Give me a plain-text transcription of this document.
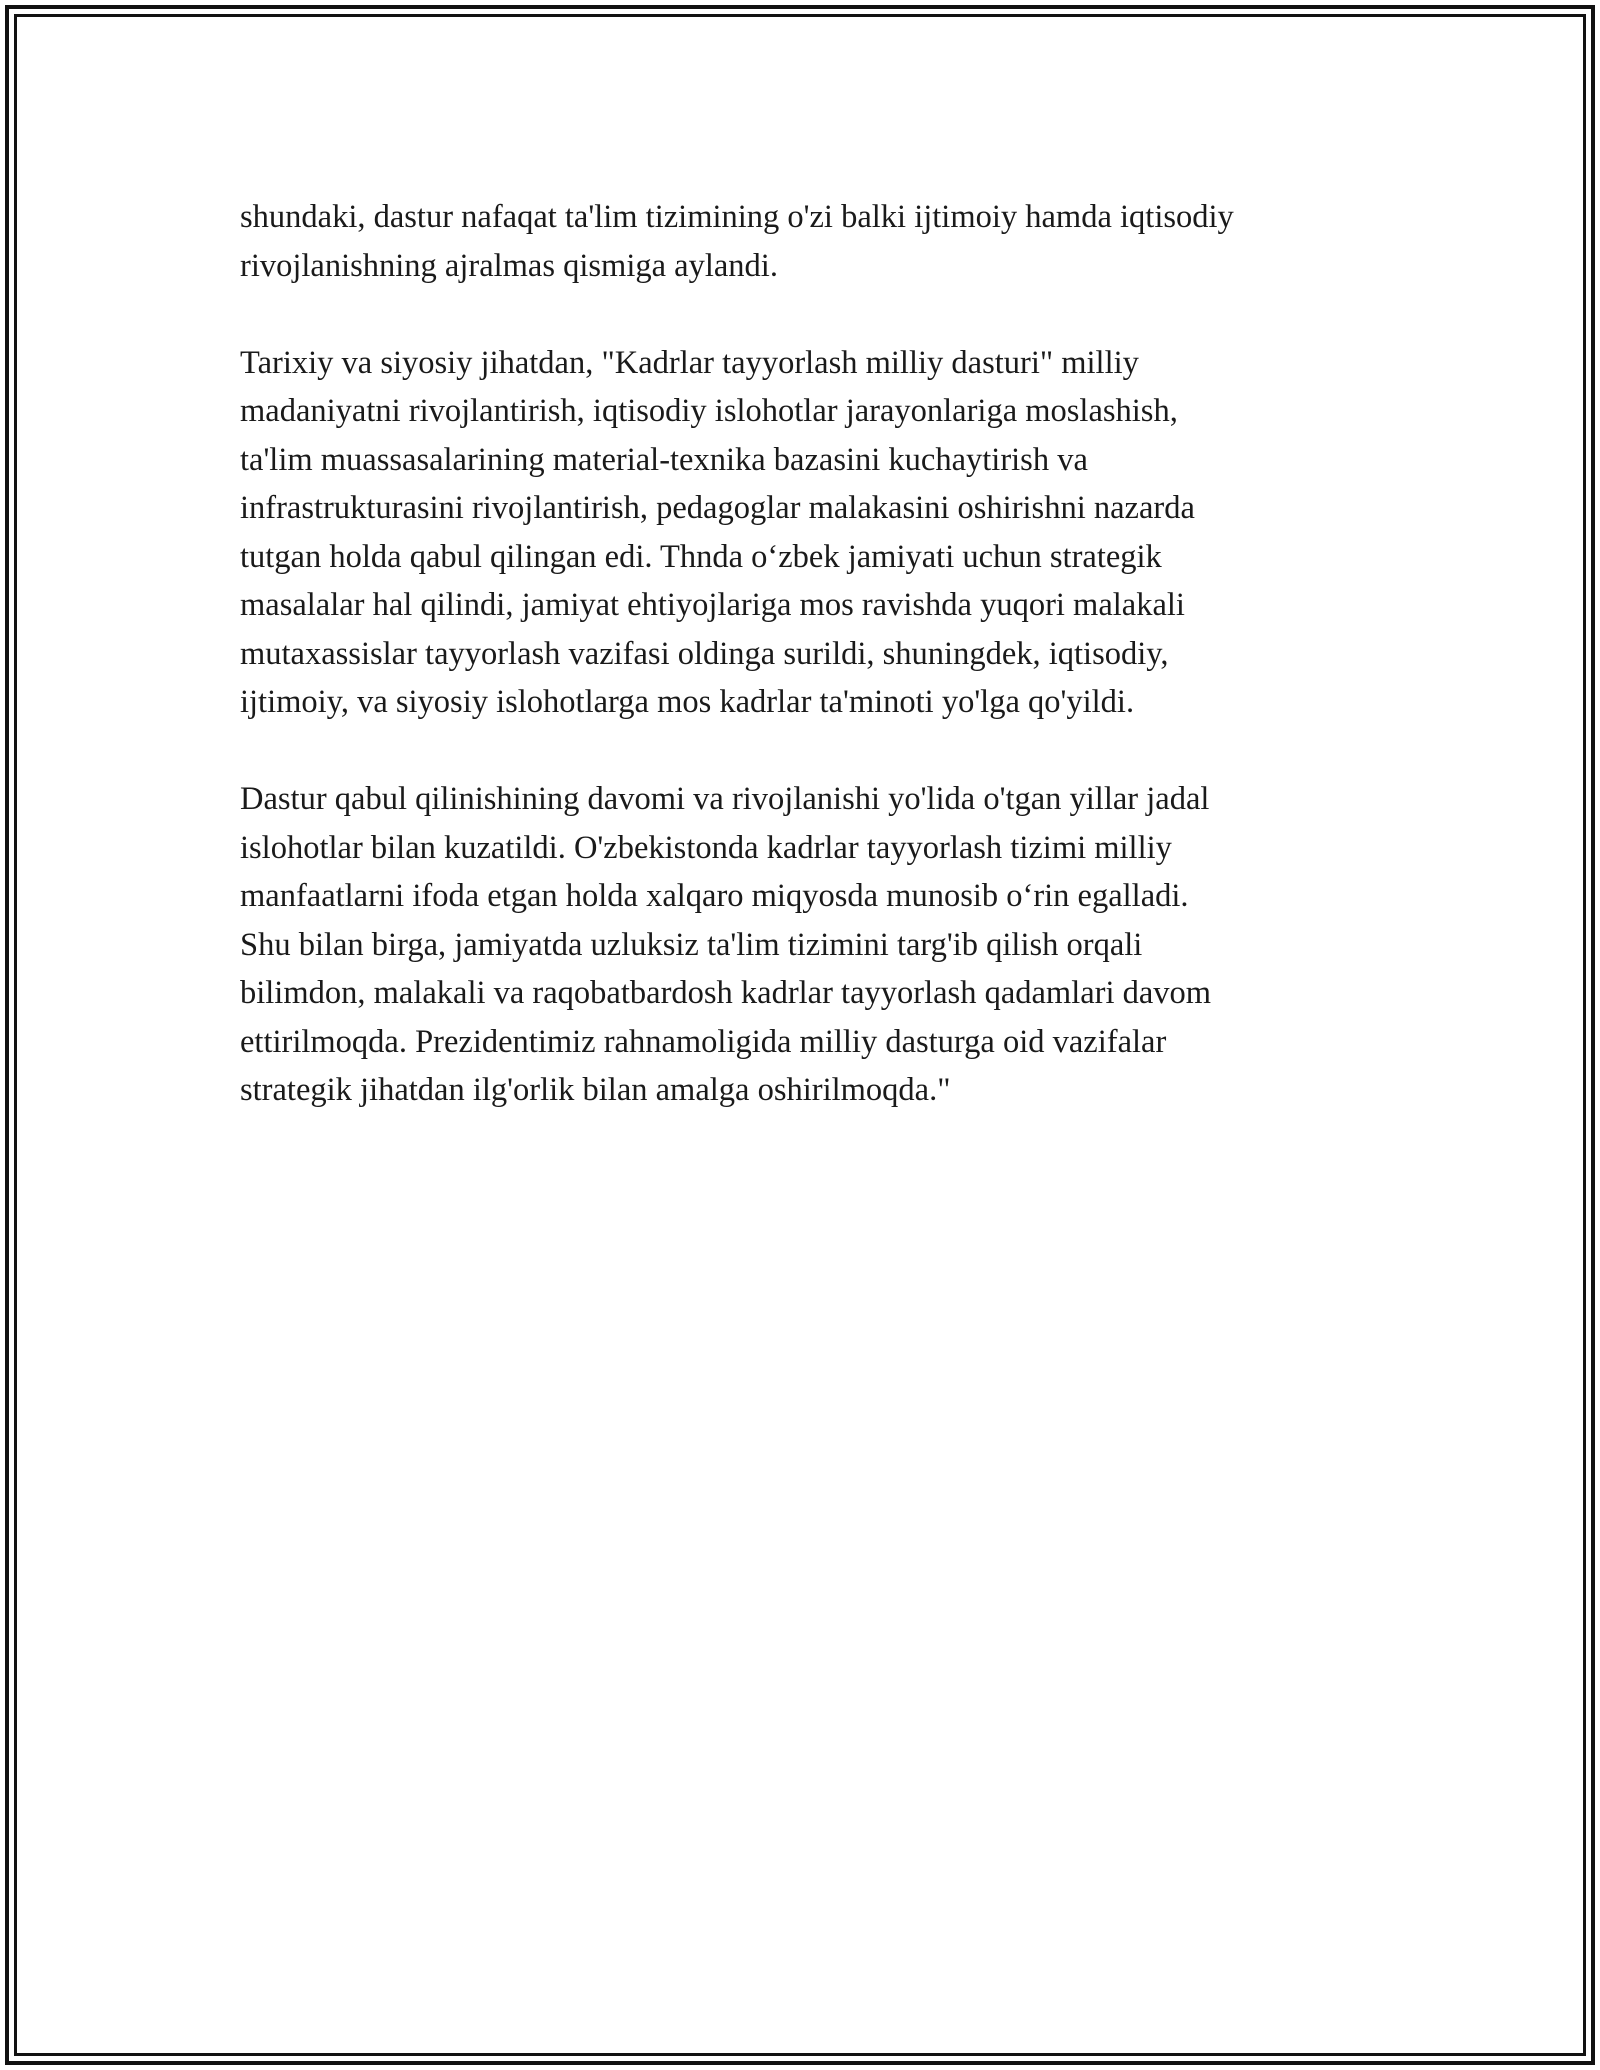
shundaki, dastur nafaqat ta'lim tizimining o'zi balki ijtimoiy hamda iqtisodiy
rivojlanishning ajralmas qismiga aylandi.

Tarixiy va siyosiy jihatdan, "Kadrlar tayyorlash milliy dasturi" milliy
madaniyatni rivojlantirish, iqtisodiy islohotlar jarayonlariga moslashish,
ta'lim muassasalarining material-texnika bazasini kuchaytirish va
infrastrukturasini rivojlantirish, pedagoglar malakasini oshirishni nazarda
tutgan holda qabul qilingan edi. Thnda o‘zbek jamiyati uchun strategik
masalalar hal qilindi, jamiyat ehtiyojlariga mos ravishda yuqori malakali
mutaxassislar tayyorlash vazifasi oldinga surildi, shuningdek, iqtisodiy,
ijtimoiy, va siyosiy islohotlarga mos kadrlar ta'minoti yo'lga qo'yildi.

Dastur qabul qilinishining davomi va rivojlanishi yo'lida o'tgan yillar jadal
islohotlar bilan kuzatildi. O'zbekistonda kadrlar tayyorlash tizimi milliy
manfaatlarni ifoda etgan holda xalqaro miqyosda munosib o‘rin egalladi.
Shu bilan birga, jamiyatda uzluksiz ta'lim tizimini targ'ib qilish orqali
bilimdon, malakali va raqobatbardosh kadrlar tayyorlash qadamlari davom
ettirilmoqda. Prezidentimiz rahnamoligida milliy dasturga oid vazifalar
strategik jihatdan ilg'orlik bilan amalga oshirilmoqda."
